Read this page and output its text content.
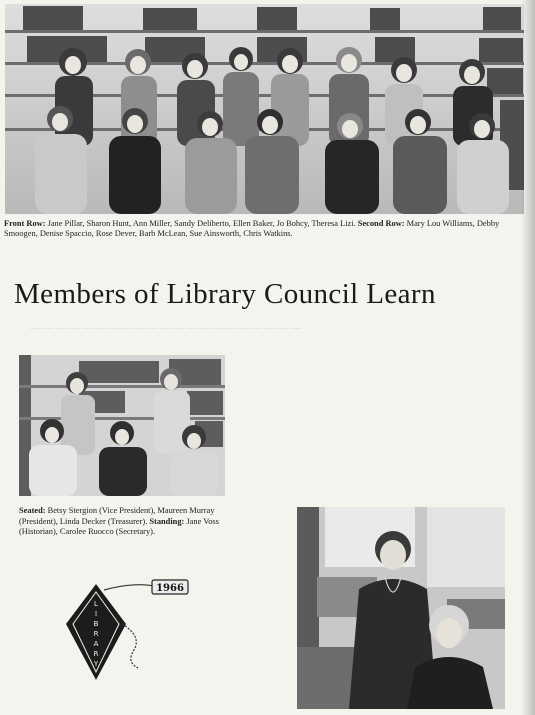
Front Row: Jane Pillar, Sharon Hunt, Ann Miller, Sandy Deliberto, Ellen Baker, Jo Bohcy, Theresa Lizi. Second Row: Mary Lou Williams, Debby Smoogen, Denise Spaccio, Rose Dever, Barb McLean, Sue Ainsworth, Chris Watkins.
Members of Library Council Learn
⎯⎯⎯⎯⎯⎯⎯⎯⎯⎯⎯⎯⎯⎯⎯⎯⎯⎯⎯⎯⎯
Seated: Betsy Stergion (Vice President), Maureen Murray (President), Linda Decker (Treasurer). Standing: Jane Voss (Historian), Carolee Ruocco (Secretary).
L
I
B
R
A
R
Y
1966
